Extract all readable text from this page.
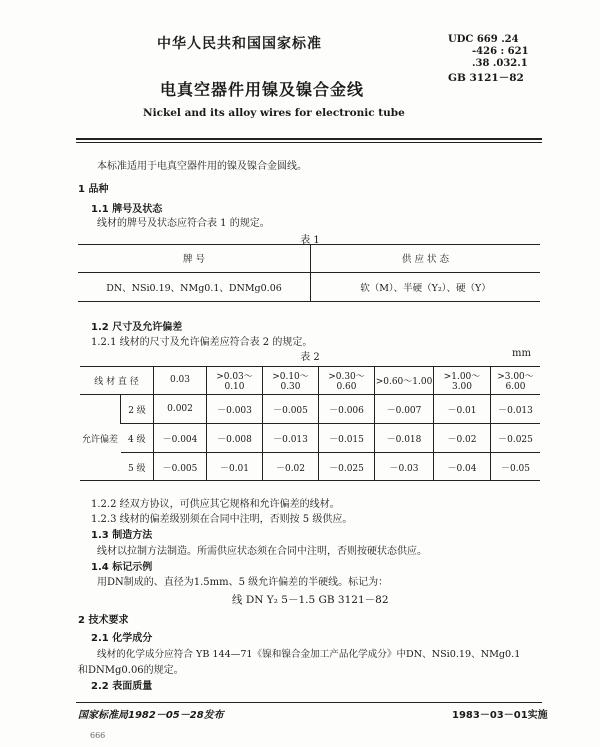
中华人民共和国国家标准	UDC 669 .24
-426 : 621
.38 .032.1
GB 3121－82
电真空器件用镍及镍合金线
Nickel and its alloy wires for electronic tube
本标准适用于电真空器件用的镍及镍合金圆线。
1 品种
1.1 牌号及状态
线材的牌号及状态应符合表 1 的规定。
表 1
牌 号	供 应 状 态
DN、NSi0.19、NMg0.1、DNMg0.06	软（M）、半硬（Y₂）、硬（Y）
1.2 尺寸及允许偏差
1.2.1 线材的尺寸及允许偏差应符合表 2 的规定。
表 2	mm
线 材 直 径		0.03	>0.03～0.10	>0.10～0.30	>0.30～0.60	>0.60～1.00	>1.00～3.00	>3.00～6.00
允许偏差	2 级	0.002	－0.003	－0.005	－0.006	－0.007	－0.01	－0.013
	4 级	－0.004	－0.008	－0.013	－0.015	－0.018	－0.02	－0.025
	5 级	－0.005	－0.01	－0.02	－0.025	－0.03	－0.04	－0.05
1.2.2 经双方协议，可供应其它规格和允许偏差的线材。
1.2.3 线材的偏差级别须在合同中注明，否则按 5 级供应。
1.3 制造方法
线材以拉制方法制造。所需供应状态须在合同中注明，否则按硬状态供应。
1.4 标记示例
用DN制成的、直径为1.5mm、5 级允许偏差的半硬线。标记为：
线 DN Y₂ 5－1.5 GB 3121－82
2 技术要求
2.1 化学成分
线材的化学成分应符合 YB 144—71《镍和镍合金加工产品化学成分》中DN、NSi0.19、NMg0.1
和DNMg0.06的规定。
2.2 表面质量
国家标准局1982－05－28发布	1983－03－01实施
666
